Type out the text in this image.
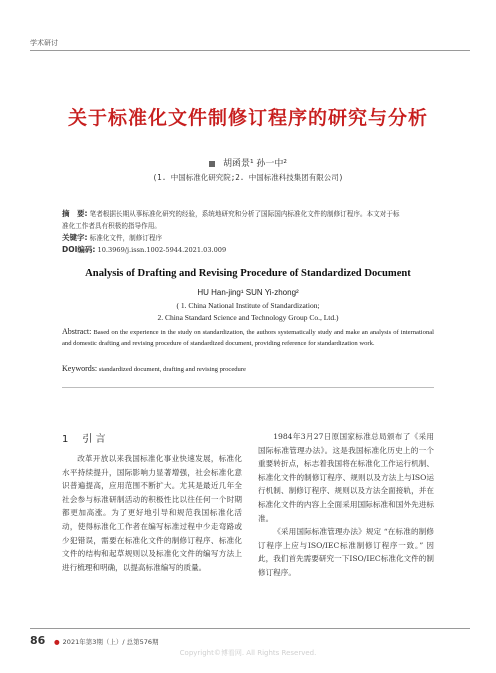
学术研讨
关于标准化文件制修订程序的研究与分析
胡函景¹ 孙一中²
(1. 中国标准化研究院;2. 中国标准科技集团有限公司)
摘　要: 笔者根据长期从事标准化研究的经验，系统地研究和分析了国际国内标准化文件的制修订程序。本文对于标
准化工作者具有积极的指导作用。
关键字: 标准化文件，制修订程序
DOI编码: 10.3969/j.issn.1002-5944.2021.03.009
Analysis of Drafting and Revising Procedure of Standardized Document
HU Han-jing¹ SUN Yi-zhong²
( 1. China National Institute of Standardization;
2. China Standard Science and Technology Group Co., Ltd.)
Abstract: Based on the experience in the study on standardization, the authors systematically study and make an analysis of international and domestic drafting and revising procedure of standardized document, providing reference for standardization work.
Keywords: standardized document, drafting and revising procedure
1 引 言

改革开放以来我国标准化事业快速发展，标准化水平持续提升，国际影响力显著增强，社会标准化意识普遍提高，应用范围不断扩大。尤其是最近几年全社会参与标准研制活动的积极性比以往任何一个时期都更加高涨。为了更好地引导和规范我国标准化活动，使得标准化工作者在编写标准过程中少走弯路或少犯错误，需要在标准化文件的制修订程序、标准化文件的结构和起草规则以及标准化文件的编写方法上进行梳理和明确，以提高标准编写的质量。

1984年3月27日原国家标准总局颁布了《采用国际标准管理办法》。这是我国标准化历史上的一个重要转折点，标志着我国将在标准化工作运行机制、标准化文件的制修订程序、规则以及方法上与ISO运行机制、制修订程序、规则以及方法全面接轨，并在标准化文件的内容上全面采用国际标准和国外先进标准。

《采用国际标准管理办法》规定 “在标准的制修订程序上应与ISO/IEC标准制修订程序一致。” 因此，我们首先需要研究一下ISO/IEC标准化文件的制修订程序。

86 ● 2021年第3期（上）/ 总第576期
Copyright©博看网. All Rights Reserved.
